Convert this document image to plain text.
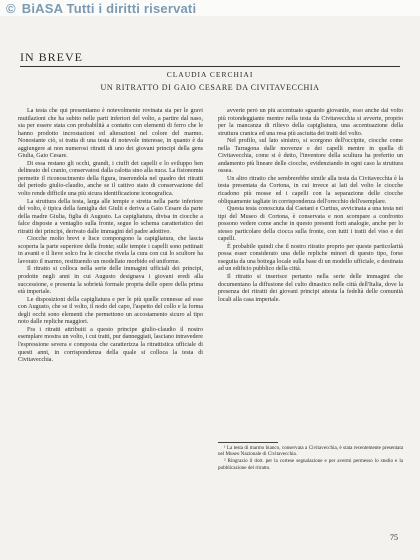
© BiASA Tutti i diritti riservati
IN BREVE
CLAUDIA CERCHIAI
UN RITRATTO DI GAIO CESARE DA CIVITAVECCHIA

La testa che qui presentiamo è notevolmente rovinata sia per le gravi mutilazioni che ha subito nelle parti inferiori del volto, a partire dal naso, sia per essere stata con probabilità a contatto con elementi di ferro che le hanno prodotto incrostazioni ed alterazioni nel colore del marmo. Nonostante ciò, si tratta di una testa di notevole interesse, in quanto è da aggiungere ai non numerosi ritratti di uno dei giovani principi della gens Giulia, Gaio Cesare.

Di essa restano gli occhi, grandi, i ciuffi dei capelli e lo sviluppo ben delineato del cranio, conservatosi dalla calotta sino alla nuca. La fisionomia permette il riconoscimento della figura, inserendola nel quadro dei ritratti del periodo giulio-claudio, anche se il cattivo stato di conservazione del volto rende difficile una più sicura identificazione iconografica.

La struttura della testa, larga alle tempie e stretta nella parte inferiore del volto, è tipica della famiglia dei Giulii e deriva a Gaio Cesare da parte della madre Giulia, figlia di Augusto. La capigliatura, divisa in ciocche a falce disposte a ventaglio sulla fronte, segue lo schema caratteristico dei ritratti dei principi, derivato dalle immagini del padre adottivo.

Ciocche molto brevi e lisce compongono la capigliatura, che lascia scoperta la parte superiore della fronte; sulle tempie i capelli sono pettinati in avanti e il lieve solco fra le ciocche rivela la cura con cui lo scultore ha lavorato il marmo, restituendo un modellato morbido ed uniforme.

Il ritratto si colloca nella serie delle immagini ufficiali dei principi, prodotte negli anni in cui Augusto designava i giovani eredi alla successione, e presenta la sobrietà formale propria delle opere della prima età imperiale.

Le disposizioni della capigliatura e per le più quelle connesse ad esse con Augusto, che se il volto, il nodo del capo, l'aspetto del collo e la forma degli occhi sono elementi che permettono un accostamento sicuro al tipo noto dalle repliche maggiori.

Fra i ritratti attribuiti a questo principe giulio-claudio il nostro esemplare mostra un volto, i cui tratti, pur danneggiati, lasciano intravedere l'espressione severa e composta che caratterizza la ritrattistica ufficiale di questi anni, in corrispondenza della quale si colloca la testa di Civitavecchia.

avverte però un più accentuato sguardo giovanile, esso anche dal volto più rotondeggiante mentre nella testa da Civitavecchia si avverte, proprio per la mancanza di rilievo della capigliatura, una accentuazione della struttura cranica ed una resa più asciutta dei tratti del volto.

Nel profilo, sul lato sinistro, si scorgono dell'occipite, ciocche come nella Tarragona dalle movenze e dei capelli mentre in quella di Civitavecchia, come si è detto, l'inventore della scultura ha preferito un andamento più lineare delle ciocche, evidenziando in ogni caso la struttura ossea.

Un altro ritratto che sembrerebbe simile alla testa da Civitavecchia è la testa presentata da Cortona, in cui invece ai lati del volto le ciocche ricadono più mosse ed i capelli con la separazione delle ciocche obliquamente tagliate in corrispondenza dell'orecchio dell'esemplare.

Questa testa conosciuta dal Caetani e Curtius, avvicinata a una testa nei tipi del Museo di Cortona, è conservata e non scompare a confronto possono vedere come anche in questo presenti forti analogie, anche per lo stesso particolare della ciocca sulla fronte, con tutti i tratti del viso e dei capelli.

È probabile quindi che il nostro ritratto proprio per queste particolarità possa esser considerato una delle repliche minori di questo tipo, forse eseguita da una bottega locale sulla base di un modello ufficiale, e destinata ad un edificio pubblico della città.

Il ritratto si inserisce pertanto nella serie delle immagini che documentano la diffusione del culto dinastico nelle città dell'Italia, dove la presenza dei ritratti dei giovani principi attesta la fedeltà delle comunità locali alla casa imperiale.

¹ La testa di marmo bianco, conservata a Civitavecchia, è stata recentemente presentata nel Museo Nazionale di Civitavecchia.

² Ringrazio il dott. per la cortese segnalazione e per avermi permesso lo studio e la pubblicazione del ritratto.

75
